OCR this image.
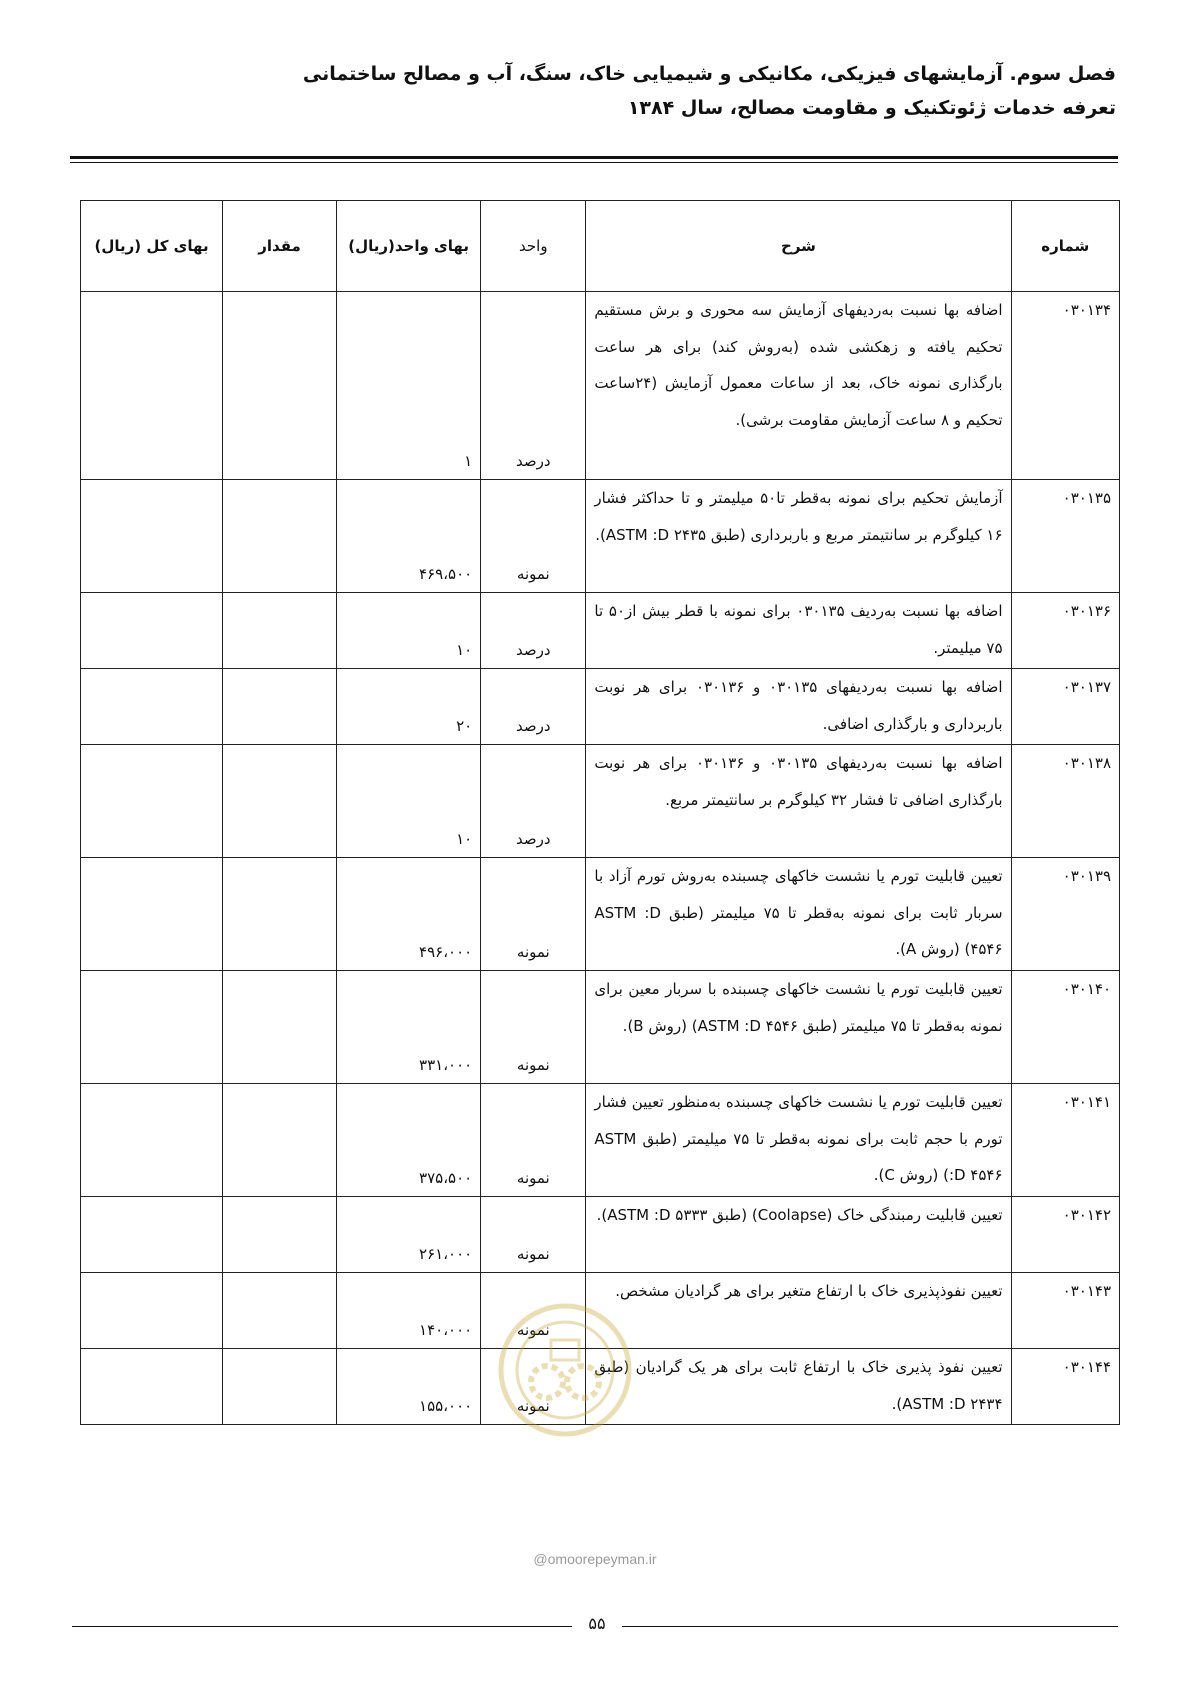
فصل سوم. آزمایشهای فیزیکی، مکانیکی و شیمیایی خاک، سنگ، آب و مصالح ساختمانی
تعرفه خدمات ژئوتکنیک و مقاومت مصالح، سال ۱۳۸۴
شماره	شرح	واحد	بهای واحد(ریال)	مقدار	بهای کل (ریال)
۰۳۰۱۳۴	اضافه بها نسبت به‌ردیفهای آزمایش سه محوری و برش مستقیم تحکیم یافته و زهکشی شده (به‌روش کند) برای هر ساعت بارگذاری نمونه خاک، بعد از ساعات معمول آزمایش (۲۴ساعت تحکیم و ۸ ساعت آزمایش مقاومت برشی).	درصد	۱		
۰۳۰۱۳۵	آزمایش تحکیم برای نمونه به‌قطر تا۵۰ میلیمتر و تا حداکثر فشار ۱۶ کیلوگرم بر سانتیمتر مربع و باربرداری (طبق ASTM :D ۲۴۳۵).	نمونه	۴۶۹،۵۰۰		
۰۳۰۱۳۶	اضافه بها نسبت به‌ردیف ۰۳۰۱۳۵ برای نمونه با قطر بیش از۵۰ تا ۷۵ میلیمتر.	درصد	۱۰		
۰۳۰۱۳۷	اضافه بها نسبت به‌ردیفهای ۰۳۰۱۳۵ و ۰۳۰۱۳۶ برای هر نوبت باربرداری و بارگذاری اضافی.	درصد	۲۰		
۰۳۰۱۳۸	اضافه بها نسبت به‌ردیفهای ۰۳۰۱۳۵ و ۰۳۰۱۳۶ برای هر نوبت بارگذاری اضافی تا فشار ۳۲ کیلوگرم بر سانتیمتر مربع.	درصد	۱۰		
۰۳۰۱۳۹	تعیین قابلیت تورم یا نشست خاکهای چسبنده به‌روش تورم آزاد با سربار ثابت برای نمونه به‌قطر تا ۷۵ میلیمتر (طبق ASTM :D ۴۵۴۶) (روش A).	نمونه	۴۹۶،۰۰۰		
۰۳۰۱۴۰	تعیین قابلیت تورم یا نشست خاکهای چسبنده با سربار معین برای نمونه به‌قطر تا ۷۵ میلیمتر (طبق ASTM :D ۴۵۴۶) (روش B).	نمونه	۳۳۱،۰۰۰		
۰۳۰۱۴۱	تعیین قابلیت تورم یا نشست خاکهای چسبنده به‌منظور تعیین فشار تورم با حجم ثابت برای نمونه به‌قطر تا ۷۵ میلیمتر (طبق ASTM :D ۴۵۴۶) (روش C).	نمونه	۳۷۵،۵۰۰		
۰۳۰۱۴۲	تعیین قابلیت رمبندگی خاک (Coolapse) (طبق ASTM :D ۵۳۳۳).	نمونه	۲۶۱،۰۰۰		
۰۳۰۱۴۳	تعیین نفوذپذیری خاک با ارتفاع متغیر برای هر گرادیان مشخص.	نمونه	۱۴۰،۰۰۰		
۰۳۰۱۴۴	تعیین نفوذ پذیری خاک با ارتفاع ثابت برای هر یک گرادیان (طبق ASTM :D ۲۴۳۴).	نمونه	۱۵۵،۰۰۰		
@omoorepeyman.ir
۵۵
